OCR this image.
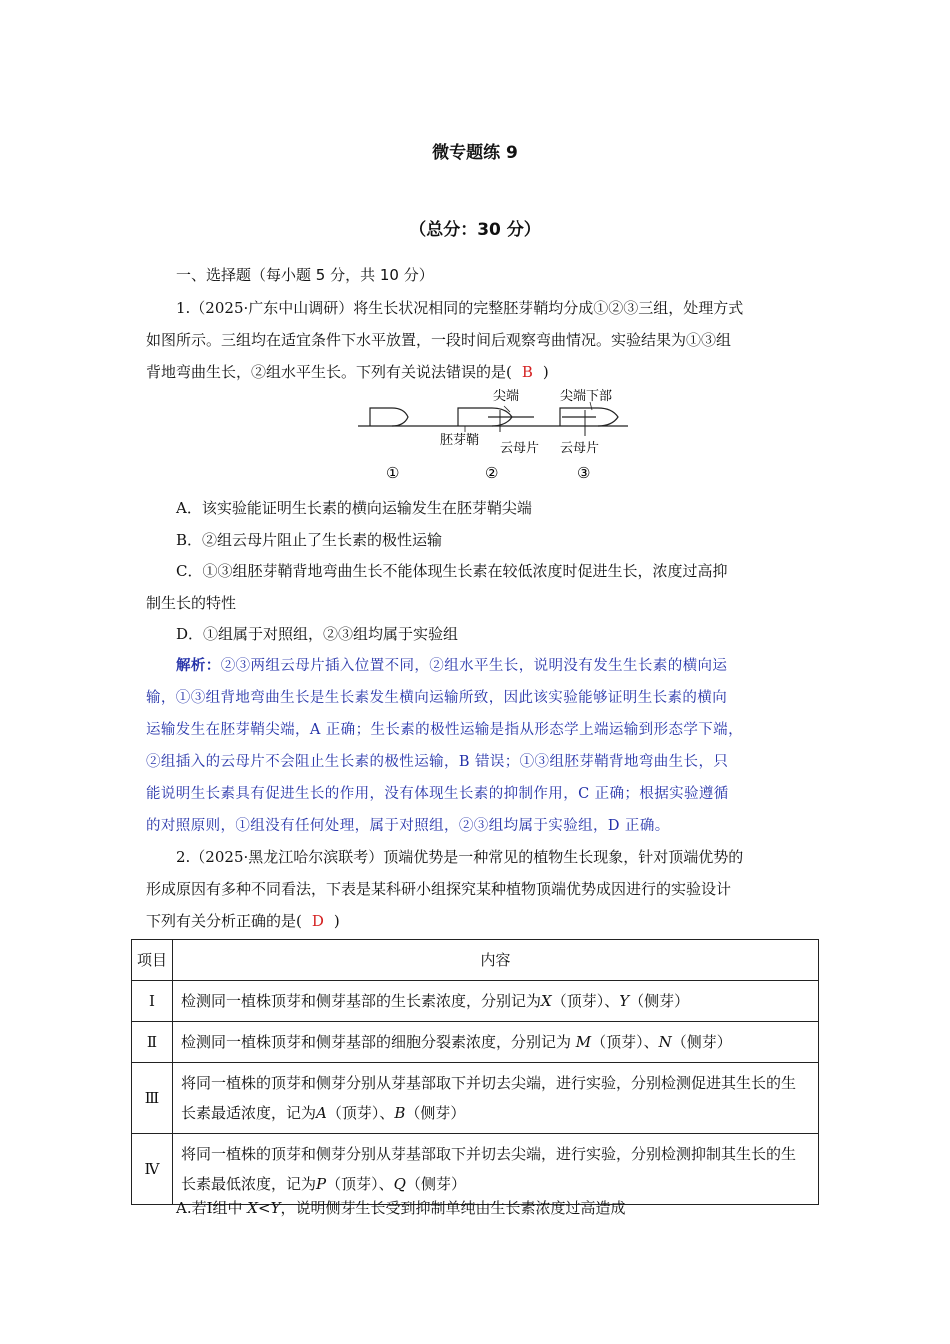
微专题练 9
（总分：30 分）
一、选择题（每小题 5 分，共 10 分）
1.（2025·广东中山调研）将生长状况相同的完整胚芽鞘均分成①②③三组，处理方式
如图所示。三组均在适宜条件下水平放置，一段时间后观察弯曲情况。实验结果为①③组
背地弯曲生长，②组水平生长。下列有关说法错误的是( B )
尖端	尖端下部
胚芽鞘
云母片 云母片
①	②	③
A．该实验能证明生长素的横向运输发生在胚芽鞘尖端
B．②组云母片阻止了生长素的极性运输
C．①③组胚芽鞘背地弯曲生长不能体现生长素在较低浓度时促进生长，浓度过高抑
制生长的特性
D．①组属于对照组，②③组均属于实验组
解析：②③两组云母片插入位置不同，②组水平生长，说明没有发生生长素的横向运
输，①③组背地弯曲生长是生长素发生横向运输所致，因此该实验能够证明生长素的横向
运输发生在胚芽鞘尖端，A 正确；生长素的极性运输是指从形态学上端运输到形态学下端，
②组插入的云母片不会阻止生长素的极性运输，B 错误；①③组胚芽鞘背地弯曲生长，只
能说明生长素具有促进生长的作用，没有体现生长素的抑制作用，C 正确；根据实验遵循
的对照原则，①组没有任何处理，属于对照组，②③组均属于实验组，D 正确。
2.（2025·黑龙江哈尔滨联考）顶端优势是一种常见的植物生长现象，针对顶端优势的
形成原因有多种不同看法，下表是某科研小组探究某种植物顶端优势成因进行的实验设计
下列有关分析正确的是( D )
项目	内容
Ⅰ	检测同一植株顶芽和侧芽基部的生长素浓度，分别记为X（顶芽）、Y（侧芽）
Ⅱ	检测同一植株顶芽和侧芽基部的细胞分裂素浓度，分别记为 M（顶芽）、N（侧芽）
Ⅲ	将同一植株的顶芽和侧芽分别从芽基部取下并切去尖端，进行实验，分别检测促进其生长的生长素最适浓度，记为A（顶芽）、B（侧芽）
Ⅳ	将同一植株的顶芽和侧芽分别从芽基部取下并切去尖端，进行实验，分别检测抑制其生长的生长素最低浓度，记为P（顶芽）、Q（侧芽）
A.若Ⅰ组中 X<Y，说明侧芽生长受到抑制单纯由生长素浓度过高造成
